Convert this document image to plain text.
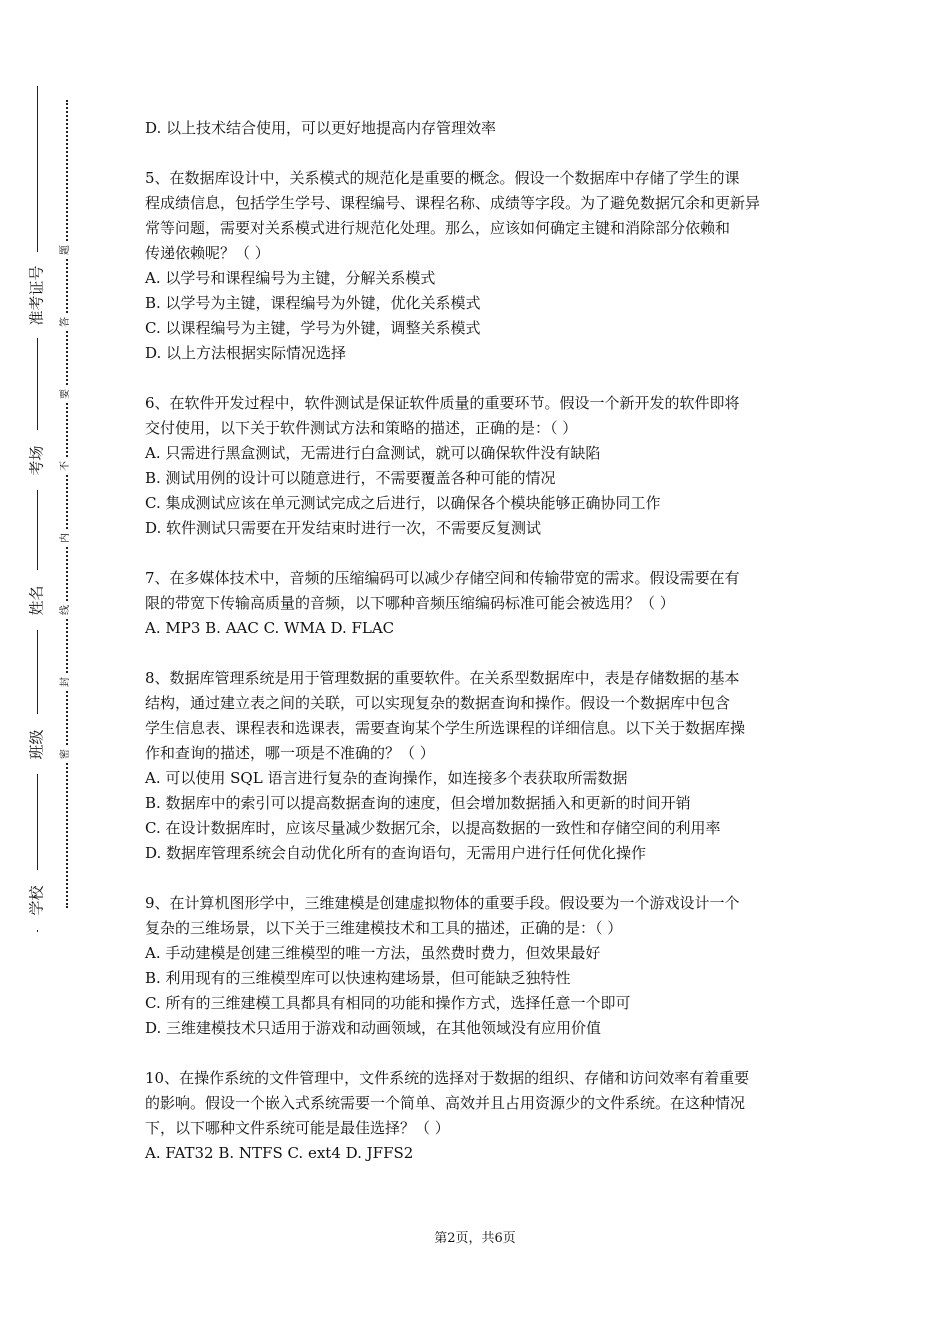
准考证号
考场
姓名
班级
学校
题
答
要
不
内
线
封
密

D. 以上技术结合使用，可以更好地提高内存管理效率

5、在数据库设计中，关系模式的规范化是重要的概念。假设一个数据库中存储了学生的课

程成绩信息，包括学生学号、课程编号、课程名称、成绩等字段。为了避免数据冗余和更新异

常等问题，需要对关系模式进行规范化处理。那么，应该如何确定主键和消除部分依赖和

传递依赖呢？（ ）

A. 以学号和课程编号为主键，分解关系模式

B. 以学号为主键，课程编号为外键，优化关系模式

C. 以课程编号为主键，学号为外键，调整关系模式

D. 以上方法根据实际情况选择

6、在软件开发过程中，软件测试是保证软件质量的重要环节。假设一个新开发的软件即将

交付使用，以下关于软件测试方法和策略的描述，正确的是：（ ）

A. 只需进行黑盒测试，无需进行白盒测试，就可以确保软件没有缺陷

B. 测试用例的设计可以随意进行，不需要覆盖各种可能的情况

C. 集成测试应该在单元测试完成之后进行，以确保各个模块能够正确协同工作

D. 软件测试只需要在开发结束时进行一次，不需要反复测试

7、在多媒体技术中，音频的压缩编码可以减少存储空间和传输带宽的需求。假设需要在有

限的带宽下传输高质量的音频，以下哪种音频压缩编码标准可能会被选用？（ ）

A. MP3 B. AAC C. WMA D. FLAC

8、数据库管理系统是用于管理数据的重要软件。在关系型数据库中，表是存储数据的基本

结构，通过建立表之间的关联，可以实现复杂的数据查询和操作。假设一个数据库中包含

学生信息表、课程表和选课表，需要查询某个学生所选课程的详细信息。以下关于数据库操

作和查询的描述，哪一项是不准确的？（ ）

A. 可以使用 SQL 语言进行复杂的查询操作，如连接多个表获取所需数据

B. 数据库中的索引可以提高数据查询的速度，但会增加数据插入和更新的时间开销

C. 在设计数据库时，应该尽量减少数据冗余，以提高数据的一致性和存储空间的利用率

D. 数据库管理系统会自动优化所有的查询语句，无需用户进行任何优化操作

9、在计算机图形学中，三维建模是创建虚拟物体的重要手段。假设要为一个游戏设计一个

复杂的三维场景，以下关于三维建模技术和工具的描述，正确的是：（ ）

A. 手动建模是创建三维模型的唯一方法，虽然费时费力，但效果最好

B. 利用现有的三维模型库可以快速构建场景，但可能缺乏独特性

C. 所有的三维建模工具都具有相同的功能和操作方式，选择任意一个即可

D. 三维建模技术只适用于游戏和动画领域，在其他领域没有应用价值

10、在操作系统的文件管理中，文件系统的选择对于数据的组织、存储和访问效率有着重要

的影响。假设一个嵌入式系统需要一个简单、高效并且占用资源少的文件系统。在这种情况

下，以下哪种文件系统可能是最佳选择？（ ）

A. FAT32 B. NTFS C. ext4 D. JFFS2

第2页，共6页
